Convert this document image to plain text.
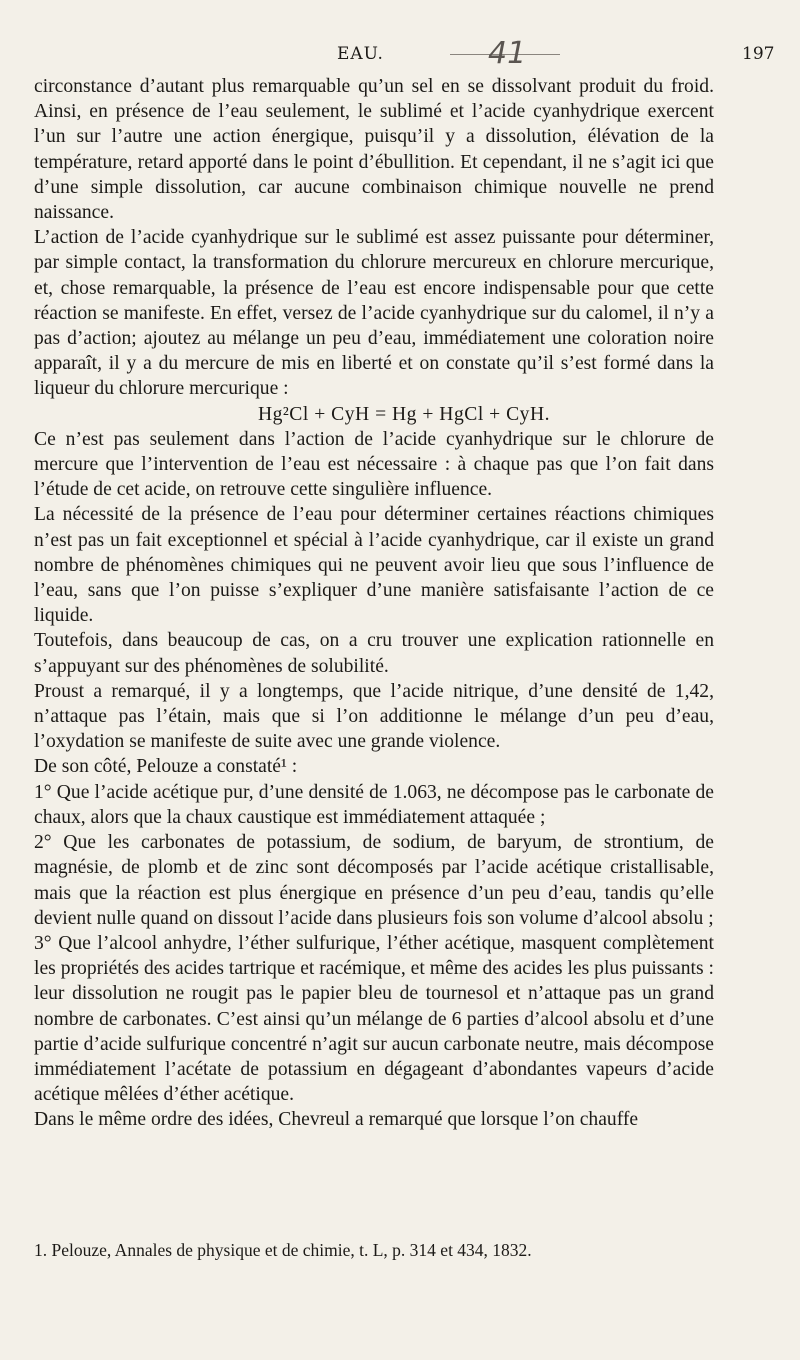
EAU.	41	197

circonstance d’autant plus remarquable qu’un sel en se dissolvant produit du froid. Ainsi, en présence de l’eau seulement, le sublimé et l’acide cyanhydrique exercent l’un sur l’autre une action énergique, puisqu’il y a dissolution, élévation de la température, retard apporté dans le point d’ébullition. Et cependant, il ne s’agit ici que d’une simple dissolution, car aucune combinaison chimique nouvelle ne prend naissance.

L’action de l’acide cyanhydrique sur le sublimé est assez puissante pour déterminer, par simple contact, la transformation du chlorure mercureux en chlorure mercurique, et, chose remarquable, la présence de l’eau est encore indispensable pour que cette réaction se manifeste. En effet, versez de l’acide cyanhydrique sur du calomel, il n’y a pas d’action; ajoutez au mélange un peu d’eau, immédiatement une coloration noire apparaît, il y a du mercure de mis en liberté et on constate qu’il s’est formé dans la liqueur du chlorure mercurique :

Hg²Cl + CyH = Hg + HgCl + CyH.

Ce n’est pas seulement dans l’action de l’acide cyanhydrique sur le chlorure de mercure que l’intervention de l’eau est nécessaire : à chaque pas que l’on fait dans l’étude de cet acide, on retrouve cette singulière influence.

La nécessité de la présence de l’eau pour déterminer certaines réactions chimiques n’est pas un fait exceptionnel et spécial à l’acide cyanhydrique, car il existe un grand nombre de phénomènes chimiques qui ne peuvent avoir lieu que sous l’influence de l’eau, sans que l’on puisse s’expliquer d’une manière satisfaisante l’action de ce liquide.

Toutefois, dans beaucoup de cas, on a cru trouver une explication rationnelle en s’appuyant sur des phénomènes de solubilité.

Proust a remarqué, il y a longtemps, que l’acide nitrique, d’une densité de 1,42, n’attaque pas l’étain, mais que si l’on additionne le mélange d’un peu d’eau, l’oxydation se manifeste de suite avec une grande violence.

De son côté, Pelouze a constaté¹ :

1° Que l’acide acétique pur, d’une densité de 1.063, ne décompose pas le carbonate de chaux, alors que la chaux caustique est immédiatement attaquée ;

2° Que les carbonates de potassium, de sodium, de baryum, de strontium, de magnésie, de plomb et de zinc sont décomposés par l’acide acétique cristallisable, mais que la réaction est plus énergique en présence d’un peu d’eau, tandis qu’elle devient nulle quand on dissout l’acide dans plusieurs fois son volume d’alcool absolu ;

3° Que l’alcool anhydre, l’éther sulfurique, l’éther acétique, masquent complètement les propriétés des acides tartrique et racémique, et même des acides les plus puissants : leur dissolution ne rougit pas le papier bleu de tournesol et n’attaque pas un grand nombre de carbonates. C’est ainsi qu’un mélange de 6 parties d’alcool absolu et d’une partie d’acide sulfurique concentré n’agit sur aucun carbonate neutre, mais décompose immédiatement l’acétate de potassium en dégageant d’abondantes vapeurs d’acide acétique mêlées d’éther acétique.

Dans le même ordre des idées, Chevreul a remarqué que lorsque l’on chauffe

1. Pelouze, Annales de physique et de chimie, t. L, p. 314 et 434, 1832.
